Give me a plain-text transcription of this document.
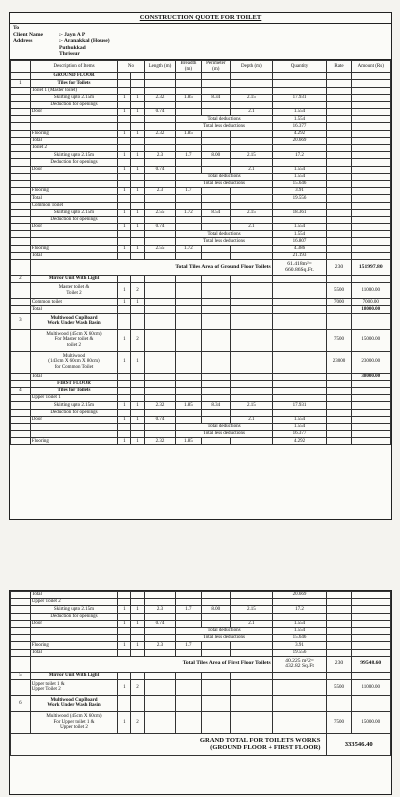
CONSTRUCTION QUOTE FOR TOILET
To
Client Name	:- Jayn A P
Address	:- Aranakkal (House)
Puthukkad
Thrissur
	Description of Items	No		Length (m)	Breadth (m)	Perimeter (m)	Depth (m)	Quantity	Rate	Amount (Rs)
	GROUND FLOOR									
1	Tiles for Toilets									
	Toilet 1 (Master toilet)									
	Skirting upto 2.15m	1	1	2.32	1.85	8.34	2.15	17.931		
	Deduction for openings									
	Door	1	1	0.74			2.1	1.554		
					Total deductions			1.554		
					Total less deductions			16.377		
	Flooring	1	1	2.32	1.85			4.292		
	Total							20.669		
	Toilet 2									
	Skirting upto 2.15m	1	1	2.3	1.7	8.00	2.15	17.2		
	Deduction for openings									
	Door	1	1	0.74			2.1	1.554		
					Total deductions			1.554		
					Total less deductions			15.646		
	Flooring	1	1	2.3	1.7			3.91		
	Total							19.556		
	Common Toilet									
	Skirting upto 2.15m	1	1	2.55	1.72	8.54	2.15	18.361		
	Deduction for openings									
	Door	1	1	0.74			2.1	1.554		
					Total deductions			1.554		
					Total less deductions			16.807		
	Flooring	1	1	2.55	1.72			4.386		
	Total							21.193		
	Total Tiles Area of Ground Floor Toilets							61.418m²=
660.86Sq.Ft.	230	151997.80
2	Mirror Unit With Light									
	Master toilet &
Toilet 2	1	2						5500	11000.00
	Common toilet	1	1						7000	7000.00
	Total									18000.00
3	Multiwood CupBoard
Work Under Wash Basin									
	Multiwood (45cm X 60cm)
For Master toilet &
toilet 2	1	2						7500	15000.00
	Multiwood
(143cm X 60cm X 80cm)
for Common Toilet	1	1						23000	23000.00
	Total									38000.00
	FIRST FLOOR									
4	Tiles for Toilets									
	Upper Toilet 1									
	Skirting upto 2.15m	1	1	2.32	1.85	8.34	2.15	17.931		
	Deduction for openings									
	Door	1	1	0.74			2.1	1.554		
					Total deductions			1.554		
					Total less deductions			16.377		
	Flooring	1	1	2.32	1.85			4.292		
	Total							20.669		
	Upper Toilet 2									
	Skirting upto 2.15m	1	1	2.3	1.7	8.00	2.15	17.2		
	Deduction for openings									
	Door	1	1	0.74			2.1	1.554		
					Total deductions			1.554		
					Total less deductions			15.646		
	Flooring	1	1	2.3	1.7			3.91		
	Total							19.556		
	Total Tiles Area of First Floor Toilets							40.225 m²2=
432.82 Sq.Ft	230	99548.60
5	Mirror Unit With Light									
	Upper toilet 1 &
Upper Toilet 2	1	2						5500	11000.00
6	Multiwood CupBoard
Work Under Wash Basin									
	Multiwood (45cm X 60cm)
For Upper toilet 1 &
Upper toilet 2	1	2						7500	15000.00
GRAND TOTAL FOR TOILETS WORKS
(GROUND FLOOR + FIRST FLOOR)									333546.40	
